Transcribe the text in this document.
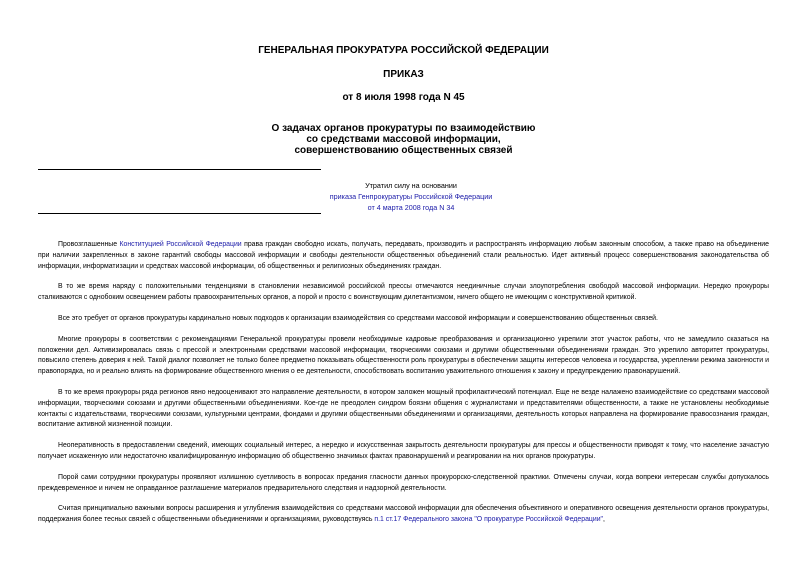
ГЕНЕРАЛЬНАЯ ПРОКУРАТУРА РОССИЙСКОЙ ФЕДЕРАЦИИ
ПРИКАЗ
от 8 июля 1998 года N 45
О задачах органов прокуратуры по взаимодействию
со средствами массовой информации,
совершенствованию общественных связей
Утратил силу на основании
приказа Генпрокуратуры Российской Федерации
от 4 марта 2008 года N 34

Провозглашенные Конституцией Российской Федерации права граждан свободно искать, получать, передавать, производить и распространять информацию любым законным способом, а также право на объединение при наличии закрепленных в законе гарантий свободы массовой информации и свободы деятельности общественных объединений стали реальностью. Идет активный процесс совершенствования законодательства об информации, информатизации и средствах массовой информации, об общественных и религиозных объединениях граждан.

В то же время наряду с положительными тенденциями в становлении независимой российской прессы отмечаются неединичные случаи злоупотребления свободой массовой информации. Нередко прокуроры сталкиваются с однобоким освещением работы правоохранительных органов, а порой и просто с воинствующим дилетантизмом, ничего общего не имеющим с конструктивной критикой.

Все это требует от органов прокуратуры кардинально новых подходов к организации взаимодействия со средствами массовой информации и совершенствованию общественных связей.

Многие прокуроры в соответствии с рекомендациями Генеральной прокуратуры провели необходимые кадровые преобразования и организационно укрепили этот участок работы, что не замедлило сказаться на положении дел. Активизировалась связь с прессой и электронными средствами массовой информации, творческими союзами и другими общественными объединениями граждан. Это укрепило авторитет прокуратуры, повысило степень доверия к ней. Такой диалог позволяет не только более предметно показывать общественности роль прокуратуры в обеспечении защиты интересов человека и государства, укреплении режима законности и правопорядка, но и реально влиять на формирование общественного мнения о ее деятельности, способствовать воспитанию уважительного отношения к закону и предупреждению правонарушений.

В то же время прокуроры ряда регионов явно недооценивают это направление деятельности, в котором заложен мощный профилактический потенциал. Еще не везде налажено взаимодействие со средствами массовой информации, творческими союзами и другими общественными объединениями. Кое-где не преодолен синдром боязни общения с журналистами и представителями общественности, а также не установлены необходимые контакты с издательствами, творческими союзами, культурными центрами, фондами и другими общественными объединениями и организациями, деятельность которых направлена на формирование правосознания граждан, воспитание активной жизненной позиции.

Неоперативность в предоставлении сведений, имеющих социальный интерес, а нередко и искусственная закрытость деятельности прокуратуры для прессы и общественности приводят к тому, что население зачастую получает искаженную или недостаточно квалифицированную информацию об общественно значимых фактах правонарушений и реагировании на них органов прокуратуры.

Порой сами сотрудники прокуратуры проявляют излишнюю суетливость в вопросах предания гласности данных прокурорско-следственной практики. Отмечены случаи, когда вопреки интересам службы допускалось преждевременное и ничем не оправданное разглашение материалов предварительного следствия и надзорной деятельности.

Считая принципиально важными вопросы расширения и углубления взаимодействия со средствами массовой информации для обеспечения объективного и оперативного освещения деятельности органов прокуратуры, поддержания более тесных связей с общественными объединениями и организациями, руководствуясь п.1 ст.17 Федерального закона "О прокуратуре Российской Федерации",
